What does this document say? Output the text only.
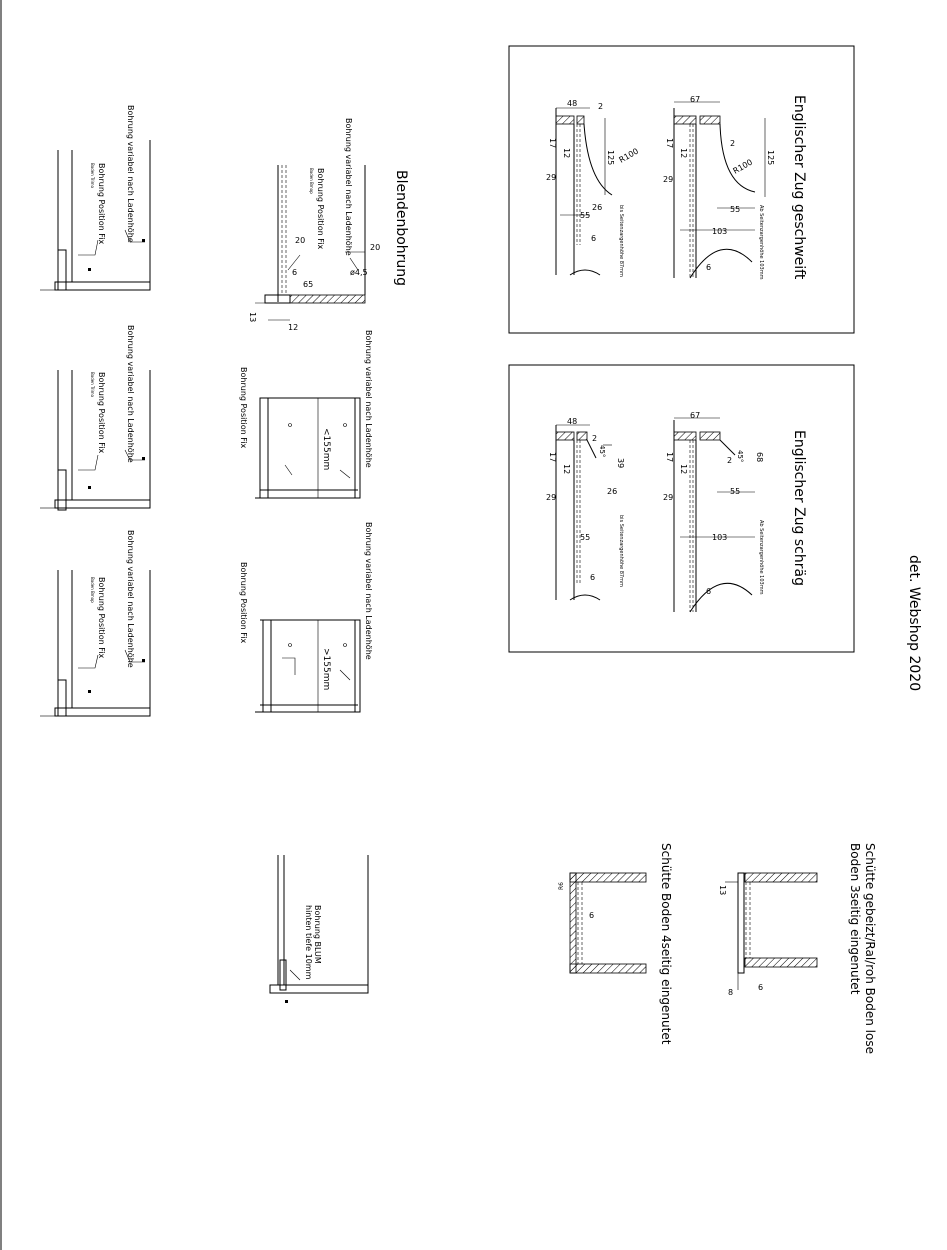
det. Webshop 2020
Englischer Zug geschweift
48	2
17
12
29
125 R100
26
55
6	bis Seitenzargenhöhe 87mm
67
2
17
12
29
125
R100
55
103
6	Ab Seitenzargenhöhe 103mm
Englischer Zug schräg
48
2
45°
39
17
12
29
26
55
6	bis Seitenzargenhöhe 87mm
67
45° 68
2
17
12
29
55
103
6	Ab Seitenzargenhöhe 103mm
Bohrung variabel nach Ladenhöhe
Bohrung Position Fix
Boden Trimo
Bohrung variabel nach Ladenhöhe
Bohrung Position Fix
Boden Trimo
Bohrung variabel nach Ladenhöhe
Bohrung Position Fix
Boden Bmop
Blendenbohrung
Bohrung variabel nach Ladenhöhe
Bohrung Position Fix
Boden Bmop
20
20
ø4,5
6
65
13
12
Bohrung variabel nach Ladenhöhe
Bohrung Position Fix
<155mm
Bohrung variabel nach Ladenhöhe
Bohrung Position Fix
>155mm
Bohrung BLUM
hinten tiefe 10mm	Schütte gebeizt/Ral/roh Boden lose
Boden 3seitig eingenutet
13
8
6
Schütte Boden 4seitig eingenutet
R6
6
